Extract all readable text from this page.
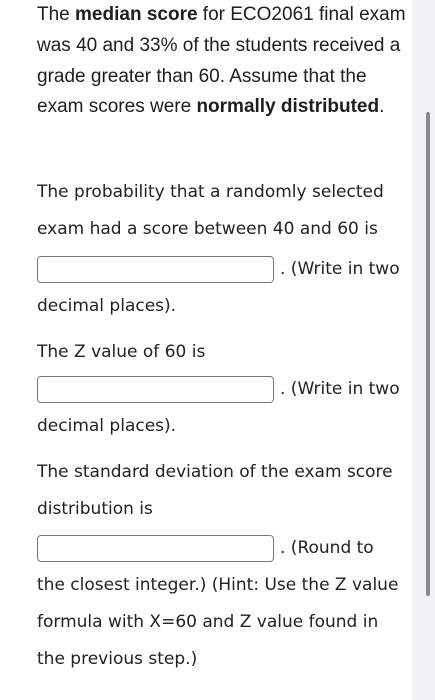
The median score for ECO2061 final exam was 40 and 33% of the students received a grade greater than 60. Assume that the exam scores were normally distributed.

The probability that a randomly selected
exam had a score between 40 and 60 is
. (Write in two
decimal places).
The Z value of 60 is
. (Write in two
decimal places).
The standard deviation of the exam score
distribution is
. (Round to
the closest integer.) (Hint: Use the Z value
formula with X=60 and Z value found in
the previous step.)
